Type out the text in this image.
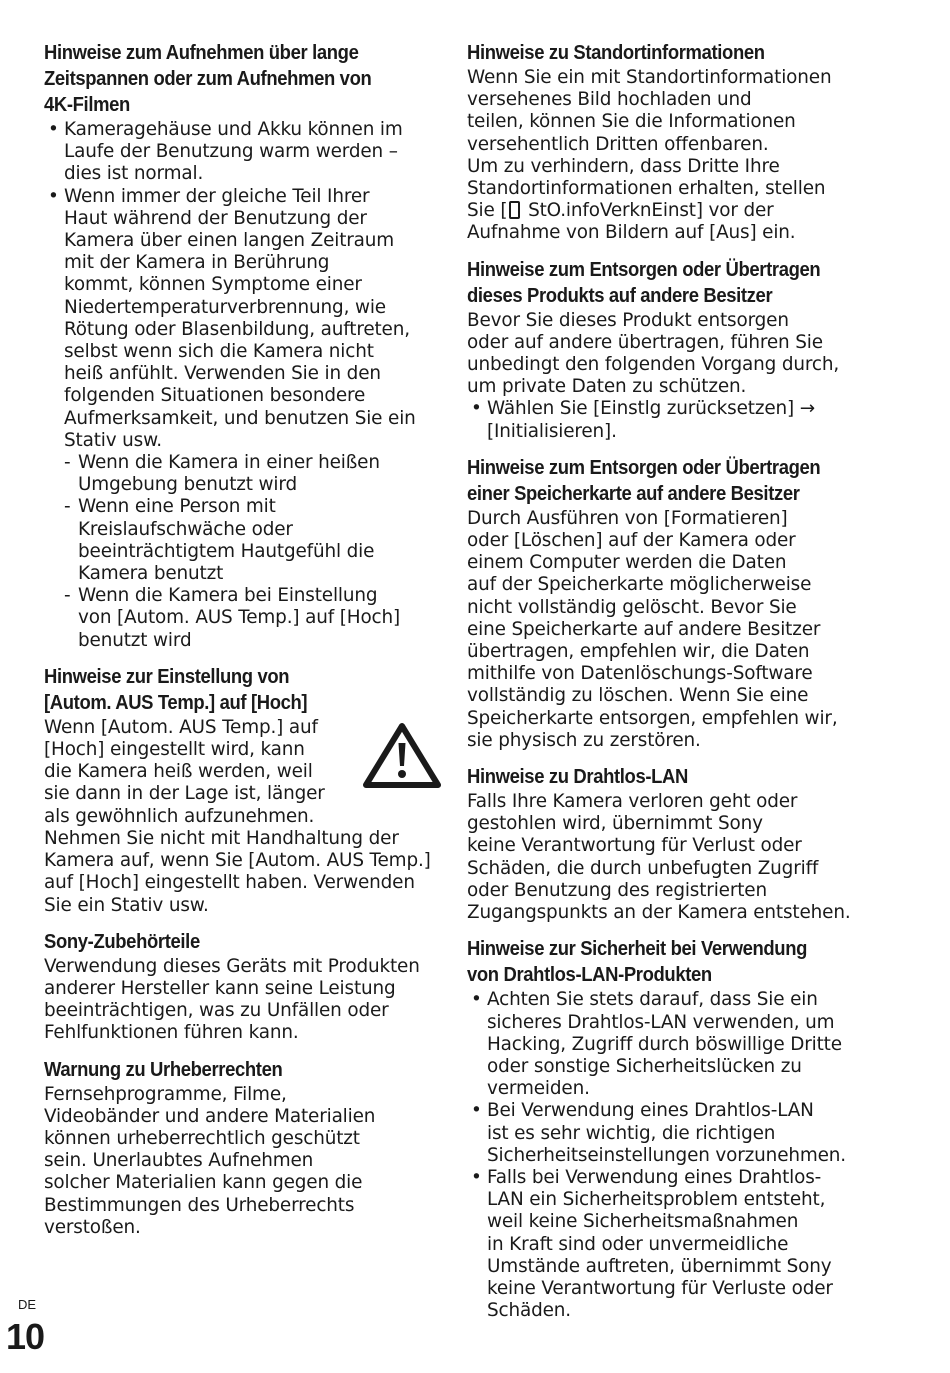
Hinweise zum Aufnehmen über lange
Zeitspannen oder zum Aufnehmen von
4K-Filmen
• Kameragehäuse und Akku können im
Laufe der Benutzung warm werden –
dies ist normal.
• Wenn immer der gleiche Teil Ihrer
Haut während der Benutzung der
Kamera über einen langen Zeitraum
mit der Kamera in Berührung
kommt, können Symptome einer
Niedertemperaturverbrennung, wie
Rötung oder Blasenbildung, auftreten,
selbst wenn sich die Kamera nicht
heiß anfühlt. Verwenden Sie in den
folgenden Situationen besondere
Aufmerksamkeit, und benutzen Sie ein
Stativ usw.
- Wenn die Kamera in einer heißen
Umgebung benutzt wird
- Wenn eine Person mit
Kreislaufschwäche oder
beeinträchtigtem Hautgefühl die
Kamera benutzt
- Wenn die Kamera bei Einstellung
von [Autom. AUS Temp.] auf [Hoch]
benutzt wird
Hinweise zur Einstellung von
[Autom. AUS Temp.] auf [Hoch]

Wenn [Autom. AUS Temp.] auf
[Hoch] eingestellt wird, kann
die Kamera heiß werden, weil
sie dann in der Lage ist, länger
als gewöhnlich aufzunehmen.

Nehmen Sie nicht mit Handhaltung der
Kamera auf, wenn Sie [Autom. AUS Temp.]
auf [Hoch] eingestellt haben. Verwenden
Sie ein Stativ usw.

Sony-Zubehörteile

Verwendung dieses Geräts mit Produkten
anderer Hersteller kann seine Leistung
beeinträchtigen, was zu Unfällen oder
Fehlfunktionen führen kann.

Warnung zu Urheberrechten

Fernsehprogramme, Filme,
Videobänder und andere Materialien
können urheberrechtlich geschützt
sein. Unerlaubtes Aufnehmen
solcher Materialien kann gegen die
Bestimmungen des Urheberrechts
verstoßen.

Hinweise zu Standortinformationen

Wenn Sie ein mit Standortinformationen
versehenes Bild hochladen und
teilen, können Sie die Informationen
versehentlich Dritten offenbaren.
Um zu verhindern, dass Dritte Ihre
Standortinformationen erhalten, stellen
Sie [ StO.infoVerknEinst] vor der
Aufnahme von Bildern auf [Aus] ein.

Hinweise zum Entsorgen oder Übertragen
dieses Produkts auf andere Besitzer

Bevor Sie dieses Produkt entsorgen
oder auf andere übertragen, führen Sie
unbedingt den folgenden Vorgang durch,
um private Daten zu schützen.

• Wählen Sie [Einstlg zurücksetzen] →
[Initialisieren].
Hinweise zum Entsorgen oder Übertragen
einer Speicherkarte auf andere Besitzer

Durch Ausführen von [Formatieren]
oder [Löschen] auf der Kamera oder
einem Computer werden die Daten
auf der Speicherkarte möglicherweise
nicht vollständig gelöscht. Bevor Sie
eine Speicherkarte auf andere Besitzer
übertragen, empfehlen wir, die Daten
mithilfe von Datenlöschungs-Software
vollständig zu löschen. Wenn Sie eine
Speicherkarte entsorgen, empfehlen wir,
sie physisch zu zerstören.

Hinweise zu Drahtlos-LAN

Falls Ihre Kamera verloren geht oder
gestohlen wird, übernimmt Sony
keine Verantwortung für Verlust oder
Schäden, die durch unbefugten Zugriff
oder Benutzung des registrierten
Zugangspunkts an der Kamera entstehen.

Hinweise zur Sicherheit bei Verwendung
von Drahtlos-LAN-Produkten
• Achten Sie stets darauf, dass Sie ein
sicheres Drahtlos-LAN verwenden, um
Hacking, Zugriff durch böswillige Dritte
oder sonstige Sicherheitslücken zu
vermeiden.
• Bei Verwendung eines Drahtlos-LAN
ist es sehr wichtig, die richtigen
Sicherheitseinstellungen vorzunehmen.
• Falls bei Verwendung eines Drahtlos-
LAN ein Sicherheitsproblem entsteht,
weil keine Sicherheitsmaßnahmen
in Kraft sind oder unvermeidliche
Umstände auftreten, übernimmt Sony
keine Verantwortung für Verluste oder
Schäden.
DE
10
